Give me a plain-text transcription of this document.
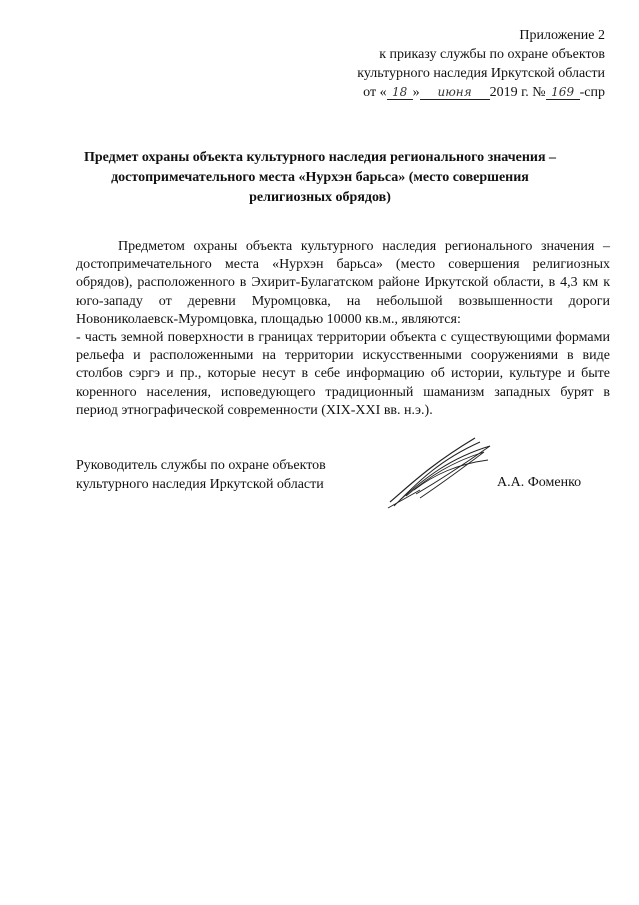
Приложение 2
к приказу службы по охране объектов
культурного наследия Иркутской области
от « 18 » июня 2019 г. № 169 -спр
Предмет охраны объекта культурного наследия регионального значения –
достопримечательного места «Нурхэн барьса» (место совершения
религиозных обрядов)

Предметом охраны объекта культурного наследия регионального значения – достопримечательного места «Нурхэн барьса» (место совершения религиозных обрядов), расположенного в Эхирит-Булагатском районе Иркутской области, в 4,3 км к юго-западу от деревни Муромцовка, на небольшой возвышенности дороги Новониколаевск-Муромцовка, площадью 10000 кв.м., являются:

- часть земной поверхности в границах территории объекта с существующими формами рельефа и расположенными на территории искусственными сооружениями в виде столбов сэргэ и пр., которые несут в себе информацию об истории, культуре и быте коренного населения, исповедующего традиционный шаманизм западных бурят в период этнографической современности (XIX-XXI вв. н.э.).

Руководитель службы по охране объектов
культурного наследия Иркутской области	А.А. Фоменко
